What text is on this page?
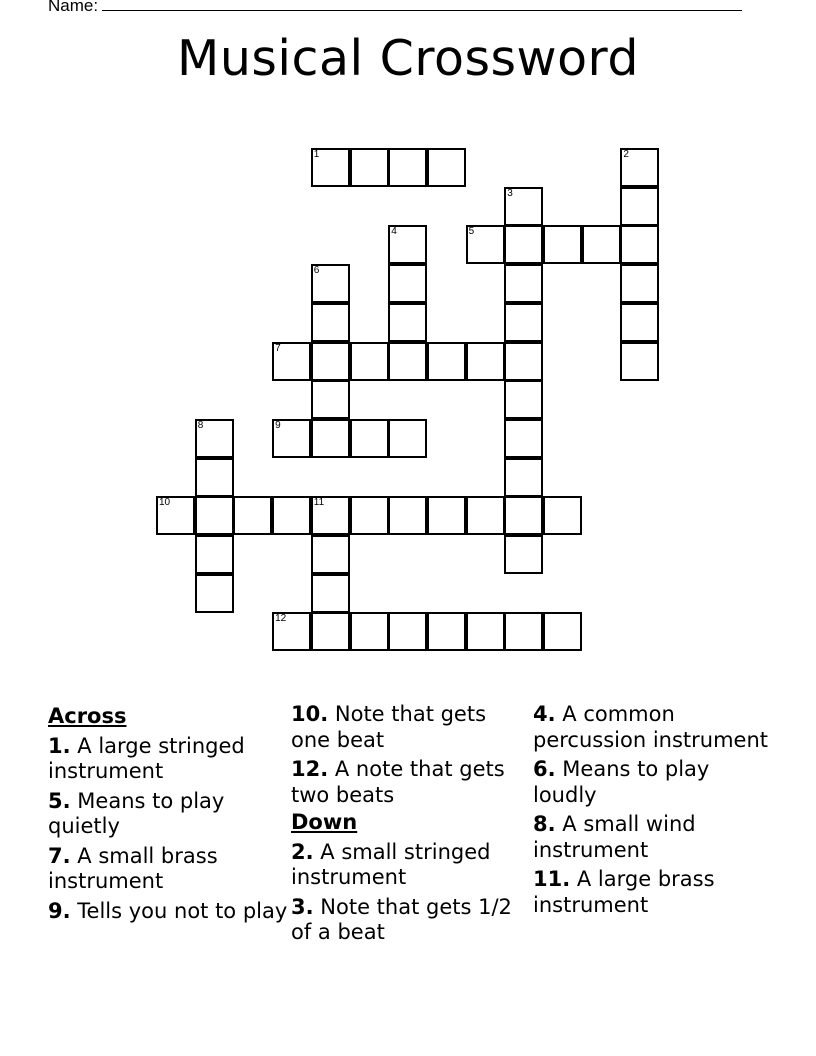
Name:
Musical Crossword
1	2
3
4	5
6
7
8	9
10	11
12
Across
1. A large stringed instrument
5. Means to play quietly
7. A small brass instrument
9. Tells you not to play
10. Note that gets one beat
12. A note that gets two beats
Down
2. A small stringed instrument
3. Note that gets 1/2 of a beat
4. A common percussion instrument
6. Means to play loudly
8. A small wind instrument
11. A large brass instrument
